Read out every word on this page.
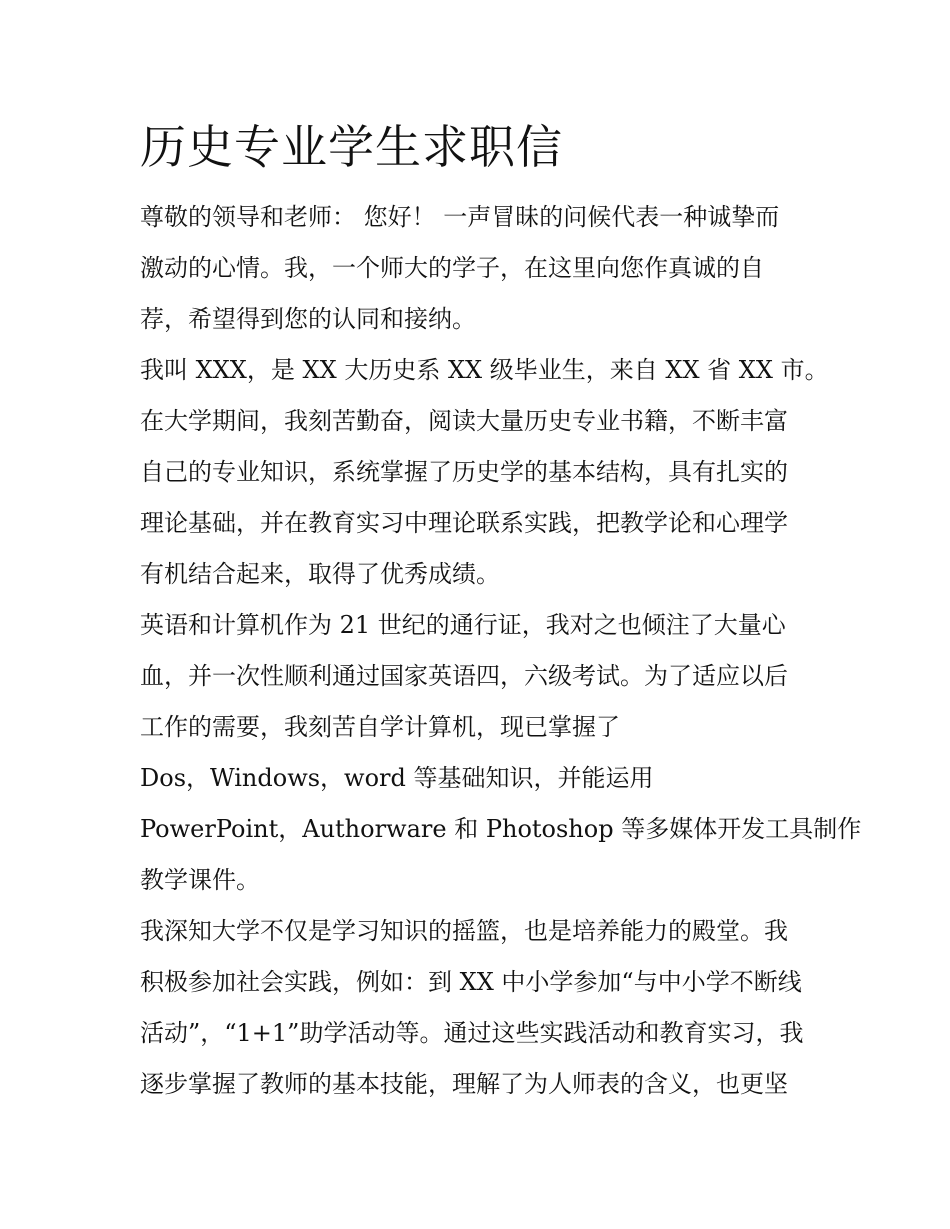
历史专业学生求职信
尊敬的领导和老师： 您好！ 一声冒昧的问候代表一种诚挚而
激动的心情。我，一个师大的学子，在这里向您作真诚的自
荐，希望得到您的认同和接纳。
我叫 XXX，是 XX 大历史系 XX 级毕业生，来自 XX 省 XX 市。
在大学期间，我刻苦勤奋，阅读大量历史专业书籍，不断丰富
自己的专业知识，系统掌握了历史学的基本结构，具有扎实的
理论基础，并在教育实习中理论联系实践，把教学论和心理学
有机结合起来，取得了优秀成绩。
英语和计算机作为 21 世纪的通行证，我对之也倾注了大量心
血，并一次性顺利通过国家英语四，六级考试。为了适应以后
工作的需要，我刻苦自学计算机，现已掌握了
Dos，Windows，word 等基础知识，并能运用
PowerPoint，Authorware 和 Photoshop 等多媒体开发工具制作
教学课件。
我深知大学不仅是学习知识的摇篮，也是培养能力的殿堂。我
积极参加社会实践，例如：到 XX 中小学参加“与中小学不断线
活动”，“1+1”助学活动等。通过这些实践活动和教育实习，我
逐步掌握了教师的基本技能，理解了为人师表的含义，也更坚
